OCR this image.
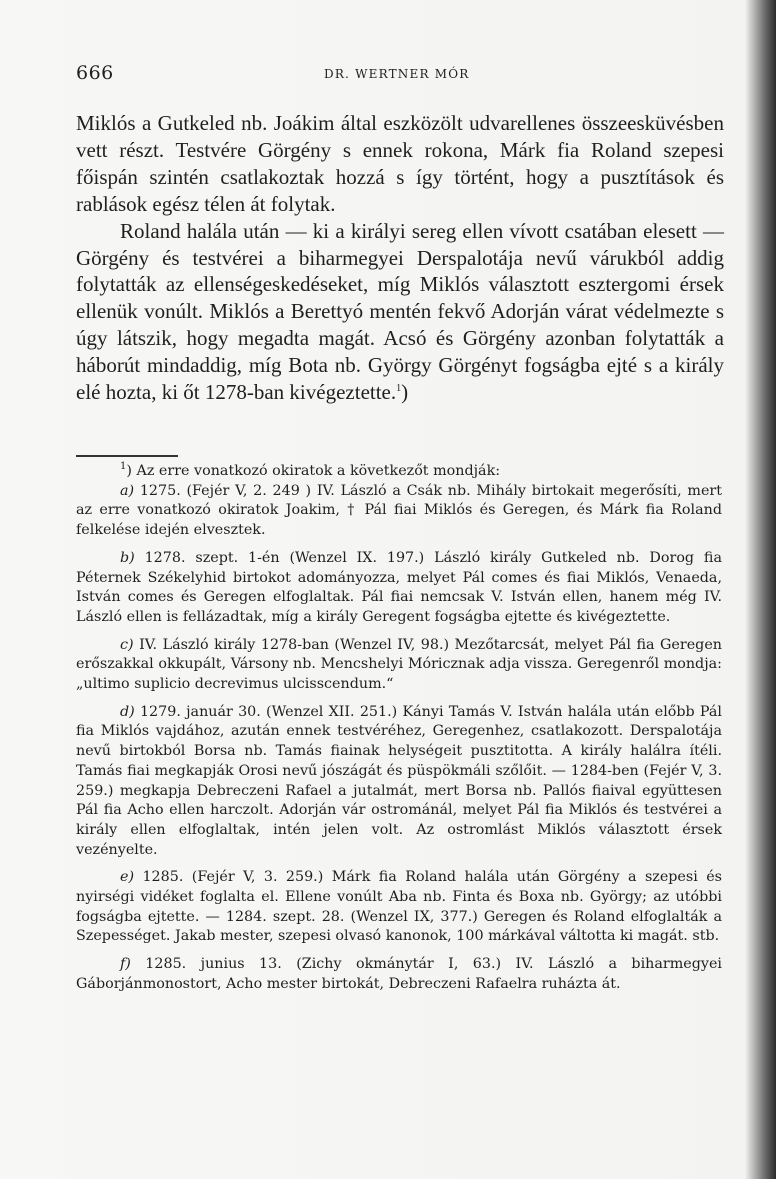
666	DR. WERTNER MÓR

Miklós a Gutkeled nb. Joákim által eszközölt udvarellenes összeesküvésben vett részt. Testvére Görgény s ennek rokona, Márk fia Roland szepesi főispán szintén csatlakoztak hozzá s így történt, hogy a pusztítások és rablások egész télen át folytak.

Roland halála után — ki a királyi sereg ellen vívott csatában elesett — Görgény és testvérei a biharmegyei Derspalotája nevű várukból addig folytatták az ellenségeskedéseket, míg Miklós választott esztergomi érsek ellenük vonúlt. Miklós a Berettyó mentén fekvő Adorján várat védelmezte s úgy látszik, hogy megadta magát. Acsó és Görgény azonban folytatták a háborút mindaddig, míg Bota nb. György Görgényt fogságba ejté s a király elé hozta, ki őt 1278-ban kivégeztette.$^1$)

$^1$) Az erre vonatkozó okiratok a következőt mondják:

a) 1275. (Fejér V, 2. 249 ) IV. László a Csák nb. Mihály birtokait megerősíti, mert az erre vonatkozó okiratok Joakim, † Pál fiai Miklós és Geregen, és Márk fia Roland felkelése idején elvesztek.

b) 1278. szept. 1-én (Wenzel IX. 197.) László király Gutkeled nb. Dorog fia Péternek Székelyhid birtokot adományozza, melyet Pál comes és fiai Miklós, Venaeda, István comes és Geregen elfoglaltak. Pál fiai nemcsak V. István ellen, hanem még IV. László ellen is fellázadtak, míg a király Geregent fogságba ejtette és kivégeztette.

c) IV. László király 1278-ban (Wenzel IV, 98.) Mezőtarcsát, melyet Pál fia Geregen erőszakkal okkupált, Vársony nb. Mencshelyi Móricznak adja vissza. Geregenről mondja: „ultimo suplicio decrevimus ulcisscendum.“

d) 1279. január 30. (Wenzel XII. 251.) Kányi Tamás V. István halála után előbb Pál fia Miklós vajdához, azután ennek testvéréhez, Geregenhez, csatlakozott. Derspalotája nevű birtokból Borsa nb. Tamás fiainak helységeit pusztitotta. A király halálra ítéli. Tamás fiai megkapják Orosi nevű jószágát és püspökmáli szőlőit. — 1284-ben (Fejér V, 3. 259.) megkapja Debreczeni Rafael a jutalmát, mert Borsa nb. Pallós fiaival együttesen Pál fia Acho ellen harczolt. Adorján vár ostrománál, melyet Pál fia Miklós és testvérei a király ellen elfoglaltak, intén jelen volt. Az ostromlást Miklós választott érsek vezényelte.

e) 1285. (Fejér V, 3. 259.) Márk fia Roland halála után Görgény a szepesi és nyirségi vidéket foglalta el. Ellene vonúlt Aba nb. Finta és Boxa nb. György; az utóbbi fogságba ejtette. — 1284. szept. 28. (Wenzel IX, 377.) Geregen és Roland elfoglalták a Szepességet. Jakab mester, szepesi olvasó kanonok, 100 márkával váltotta ki magát. stb.

f) 1285. junius 13. (Zichy okmánytár I, 63.) IV. László a biharmegyei Gáborjánmonostort, Acho mester birtokát, Debreczeni Rafaelra ruházta át.
